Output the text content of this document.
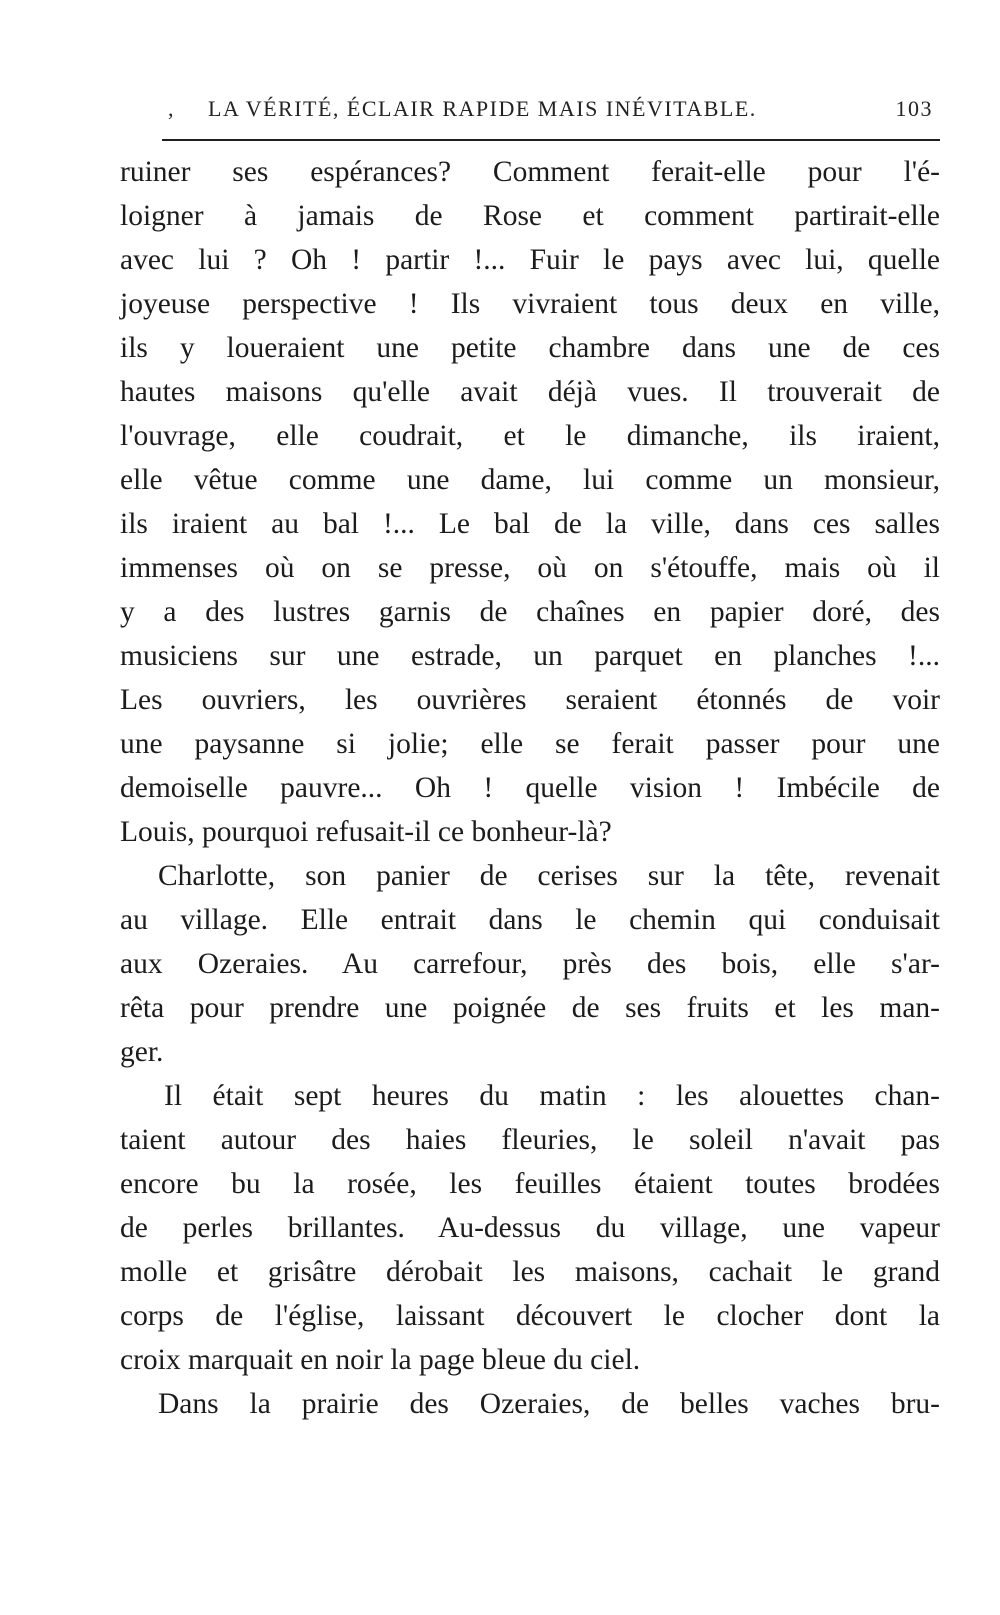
, LA VÉRITÉ, ÉCLAIR RAPIDE MAIS INÉVITABLE.	103
ruiner ses espérances? Comment ferait-elle pour l'é-
loigner à jamais de Rose et comment partirait-elle
avec lui ? Oh ! partir !... Fuir le pays avec lui, quelle
joyeuse perspective ! Ils vivraient tous deux en ville,
ils y loueraient une petite chambre dans une de ces
hautes maisons qu'elle avait déjà vues. Il trouverait de
l'ouvrage, elle coudrait, et le dimanche, ils iraient,
elle vêtue comme une dame, lui comme un monsieur,
ils iraient au bal !... Le bal de la ville, dans ces salles
immenses où on se presse, où on s'étouffe, mais où il
y a des lustres garnis de chaînes en papier doré, des
musiciens sur une estrade, un parquet en planches !...
Les ouvriers, les ouvrières seraient étonnés de voir
une paysanne si jolie; elle se ferait passer pour une
demoiselle pauvre... Oh ! quelle vision ! Imbécile de
Louis, pourquoi refusait-il ce bonheur-là?
Charlotte, son panier de cerises sur la tête, revenait
au village. Elle entrait dans le chemin qui conduisait
aux Ozeraies. Au carrefour, près des bois, elle s'ar-
rêta pour prendre une poignée de ses fruits et les man-
ger.
Il était sept heures du matin : les alouettes chan-
taient autour des haies fleuries, le soleil n'avait pas
encore bu la rosée, les feuilles étaient toutes brodées
de perles brillantes. Au-dessus du village, une vapeur
molle et grisâtre dérobait les maisons, cachait le grand
corps de l'église, laissant découvert le clocher dont la
croix marquait en noir la page bleue du ciel.
Dans la prairie des Ozeraies, de belles vaches bru-
